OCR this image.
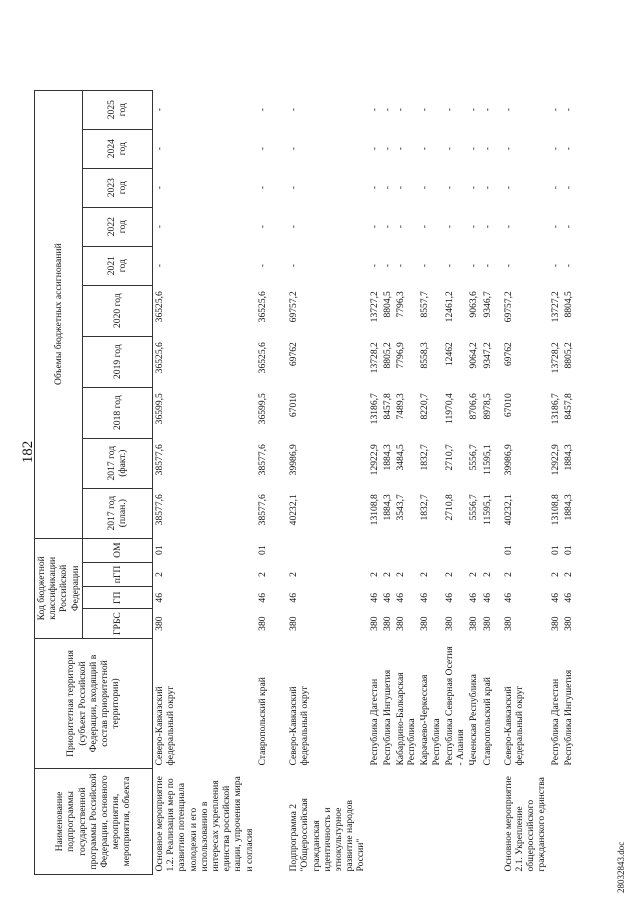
182
Наименование подпрограммы государственной программы Российской Федерации, основного мероприятия, мероприятия, объекта	Приоритетная территория (субъект Российской Федерации, входящий в состав приоритетной территории)	Код бюджетной классификации Российской Федерации				Объемы бюджетных ассигнований									
		ГРБС	ГП	пГП	ОМ	2017 год (план.)	2017 год (факт.)	2018 год	2019 год	2020 год	2021 год	2022 год	2023 год	2024 год	2025 год
Основное мероприятие 1.2. Реализация мер по развитию потенциала молодежи и его использованию в интересах укрепления единства российской нации, упрочения мира и согласия	Северо-Кавказский федеральный округ	380	46	2	01	38577,6	38577,6	36599,5	36525,6	36525,6	-	-	-	-	-
	Ставропольский край	380	46	2	01	38577,6	38577,6	36599,5	36525,6	36525,6	-	-	-	-	-

Подпрограмма 2 "Общероссийская гражданская идентичность и этнокультурное развитие народов России"	Северо-Кавказский федеральный округ	380	46	2		40232,1	39986,9	67010	69762	69757,2	-	-	-	-	-
	Республика Дагестан	380	46	2		13108,8	12922,9	13186,7	13728,2	13727,2	-	-	-	-	-
	Республика Ингушетия	380	46	2		1884,3	1884,3	8457,8	8805,2	8804,5	-	-	-	-	-
	Кабардино-Балкарская Республика	380	46	2		3543,7	3484,5	7489,3	7796,9	7796,3	-	-	-	-	-
	Карачаево-Черкесская Республика	380	46	2		1832,7	1832,7	8220,7	8558,3	8557,7	-	-	-	-	-
	Республика Северная Осетия - Алания	380	46	2		2710,8	2710,7	11970,4	12462	12461,2	-	-	-	-	-
	Чеченская Республика	380	46	2		5556,7	5556,7	8706,6	9064,2	9063,6	-	-	-	-	-
	Ставропольский край	380	46	2		11595,1	11595,1	8978,5	9347,2	9346,7	-	-	-	-	-

Основное мероприятие 2.1. Укрепление общероссийского гражданского единства	Северо-Кавказский федеральный округ	380	46	2	01	40232,1	39986,9	67010	69762	69757,2	-	-	-	-	-
	Республика Дагестан	380	46	2	01	13108,8	12922,9	13186,7	13728,2	13727,2	-	-	-	-	-
	Республика Ингушетия	380	46	2	01	1884,3	1884,3	8457,8	8805,2	8804,5	-	-	-	-	-
28032843.doc
